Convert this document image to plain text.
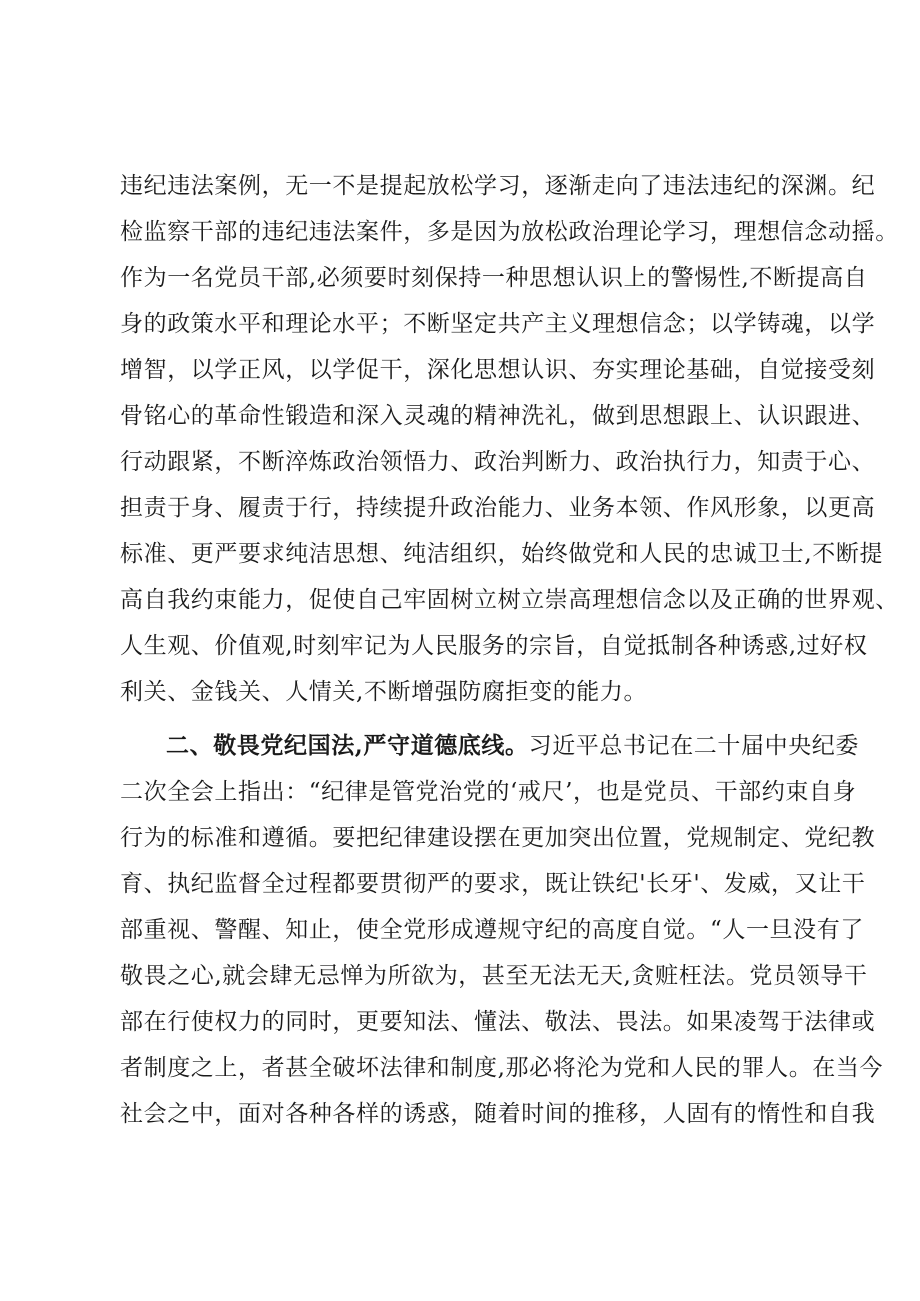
违纪违法案例，无一不是提起放松学习，逐渐走向了违法违纪的深渊。纪
检监察干部的违纪违法案件，多是因为放松政治理论学习，理想信念动摇。
作为一名党员干部,必须要时刻保持一种思想认识上的警惕性,不断提高自
身的政策水平和理论水平；不断坚定共产主义理想信念；以学铸魂，以学
增智，以学正风，以学促干，深化思想认识、夯实理论基础，自觉接受刻
骨铭心的革命性锻造和深入灵魂的精神洗礼，做到思想跟上、认识跟进、
行动跟紧，不断淬炼政治领悟力、政治判断力、政治执行力，知责于心、
担责于身、履责于行，持续提升政治能力、业务本领、作风形象，以更高
标准、更严要求纯洁思想、纯洁组织，始终做党和人民的忠诚卫士,不断提
高自我约束能力，促使自己牢固树立树立崇高理想信念以及正确的世界观、
人生观、价值观,时刻牢记为人民服务的宗旨，自觉抵制各种诱惑,过好权
利关、金钱关、人情关,不断增强防腐拒变的能力。
二、敬畏党纪国法,严守道德底线。习近平总书记在二十届中央纪委
二次全会上指出：“纪律是管党治党的‘戒尺’，也是党员、干部约束自身
行为的标准和遵循。要把纪律建设摆在更加突出位置，党规制定、党纪教
育、执纪监督全过程都要贯彻严的要求，既让铁纪'长牙'、发威，又让干
部重视、警醒、知止，使全党形成遵规守纪的高度自觉。“人一旦没有了
敬畏之心,就会肆无忌惮为所欲为，甚至无法无天,贪赃枉法。党员领导干
部在行使权力的同时，更要知法、懂法、敬法、畏法。如果凌驾于法律或
者制度之上，者甚全破坏法律和制度,那必将沦为党和人民的罪人。在当今
社会之中，面对各种各样的诱惑，随着时间的推移，人固有的惰性和自我
